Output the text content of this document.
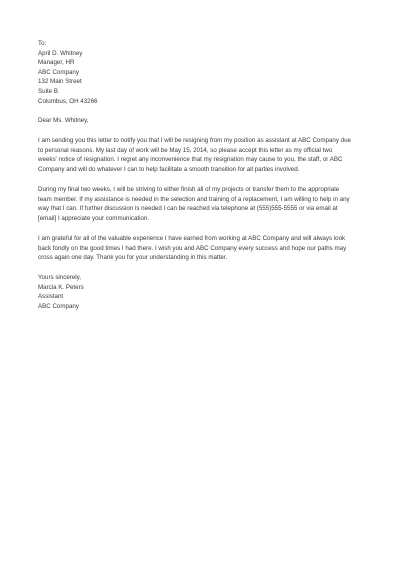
To:
April D. Whitney
Manager, HR
ABC Company
132 Main Street
Suite B
Columbus, OH 43266
Dear Ms. Whitney,
I am sending you this letter to notify you that I will be resigning from my position as assistant at ABC Company due
to personal reasons. My last day of work will be May 15, 2014, so please accept this letter as my official two
weeks' notice of resignation. I regret any inconvenience that my resignation may cause to you, the staff, or ABC
Company and will do whatever I can to help facilitate a smooth transition for all parties involved.
During my final two weeks, I will be striving to either finish all of my projects or transfer them to the appropriate
team member. If my assistance is needed in the selection and training of a replacement, I am willing to help in any
way that I can. If further discussion is needed I can be reached via telephone at (555)555-5555 or via email at
[email] I appreciate your communication.
I am grateful for all of the valuable experience I have earned from working at ABC Company and will always look
back fondly on the good times I had there. I wish you and ABC Company every success and hope our paths may
cross again one day. Thank you for your understanding in this matter.
Yours sincerely,
Marcia K. Peters
Assistant
ABC Company
